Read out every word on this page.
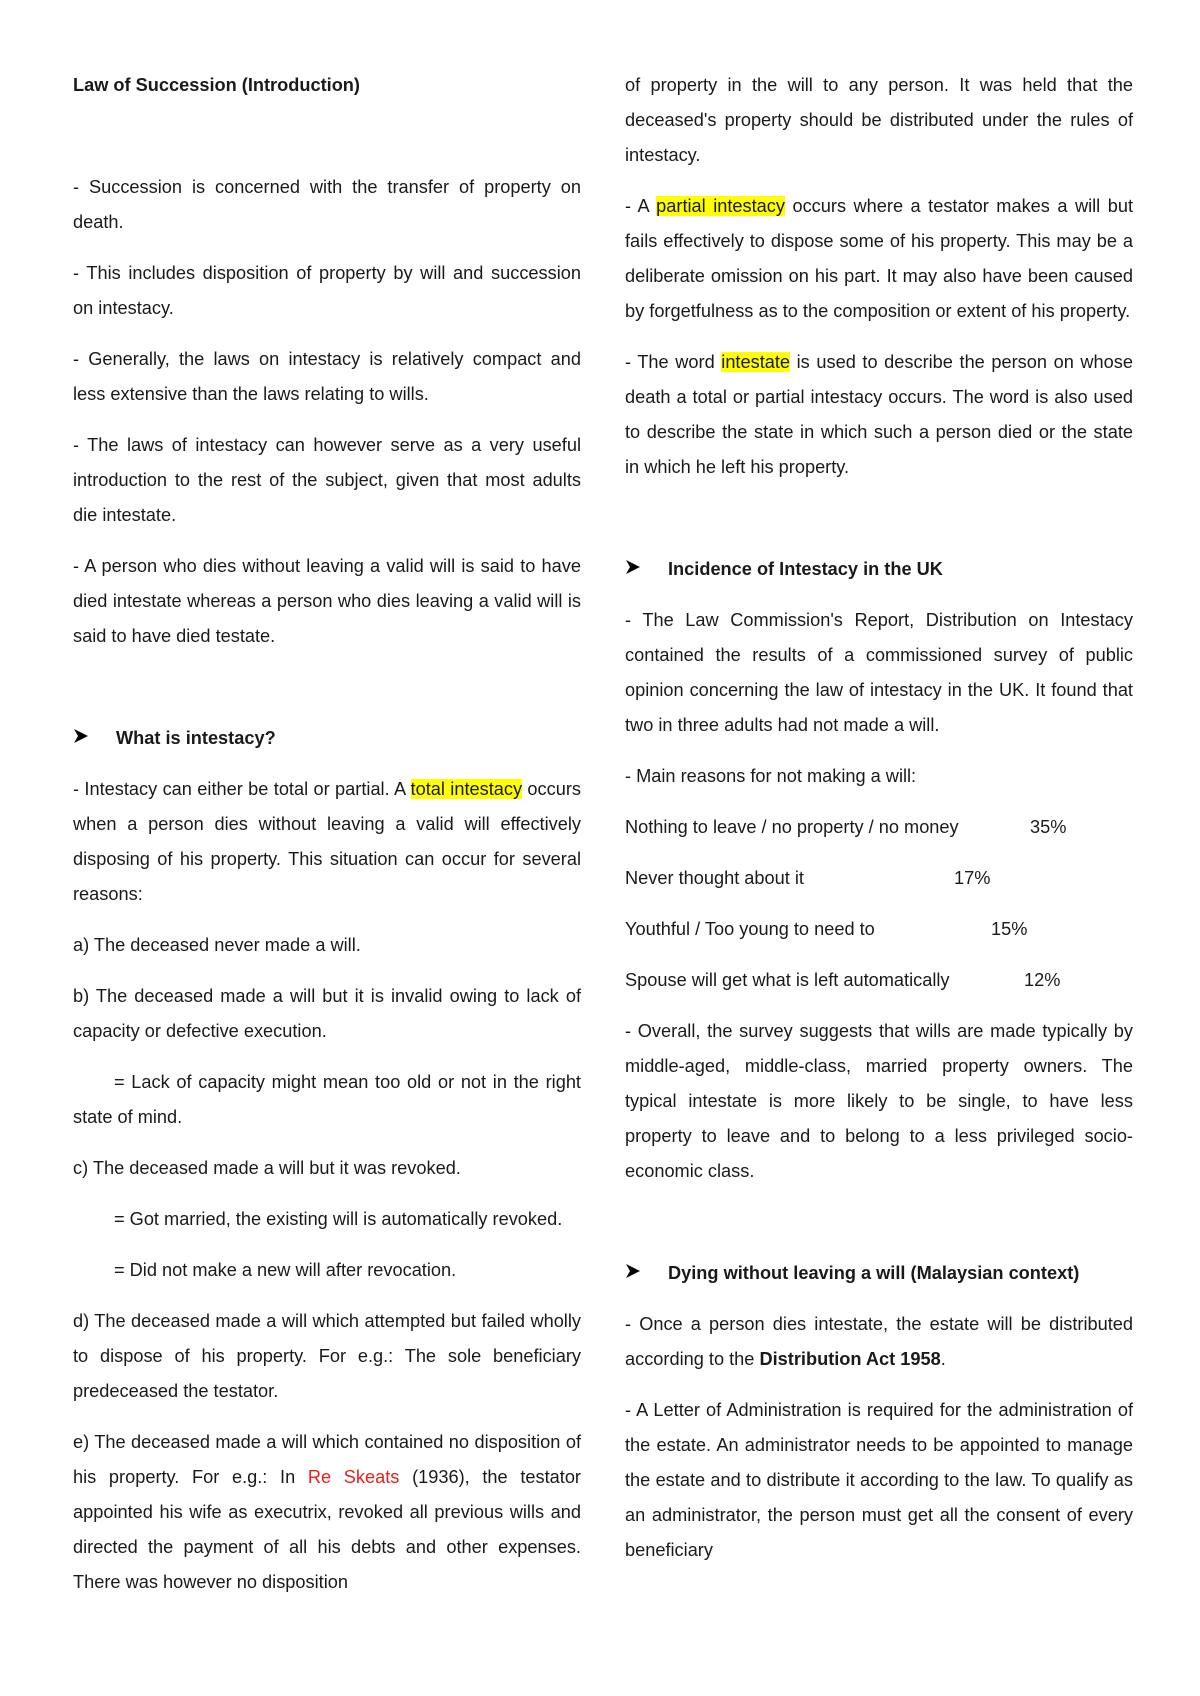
Law of Succession (Introduction)

- Succession is concerned with the transfer of property on death.

- This includes disposition of property by will and succession on intestacy.

- Generally, the laws on intestacy is relatively compact and less extensive than the laws relating to wills.

- The laws of intestacy can however serve as a very useful introduction to the rest of the subject, given that most adults die intestate.

- A person who dies without leaving a valid will is said to have died intestate whereas a person who dies leaving a valid will is said to have died testate.

What is intestacy?

- Intestacy can either be total or partial. A total intestacy occurs when a person dies without leaving a valid will effectively disposing of his property. This situation can occur for several reasons:

a) The deceased never made a will.

b) The deceased made a will but it is invalid owing to lack of capacity or defective execution.

= Lack of capacity might mean too old or not in the right state of mind.

c) The deceased made a will but it was revoked.

= Got married, the existing will is automatically revoked.

= Did not make a new will after revocation.

d) The deceased made a will which attempted but failed wholly to dispose of his property. For e.g.: The sole beneficiary predeceased the testator.

e) The deceased made a will which contained no disposition of his property. For e.g.: In Re Skeats (1936), the testator appointed his wife as executrix, revoked all previous wills and directed the payment of all his debts and other expenses. There was however no disposition

of property in the will to any person. It was held that the deceased's property should be distributed under the rules of intestacy.

- A partial intestacy occurs where a testator makes a will but fails effectively to dispose some of his property. This may be a deliberate omission on his part. It may also have been caused by forgetfulness as to the composition or extent of his property.

- The word intestate is used to describe the person on whose death a total or partial intestacy occurs. The word is also used to describe the state in which such a person died or the state in which he left his property.

Incidence of Intestacy in the UK

- The Law Commission's Report, Distribution on Intestacy contained the results of a commissioned survey of public opinion concerning the law of intestacy in the UK. It found that two in three adults had not made a will.

- Main reasons for not making a will:

Nothing to leave / no property / no money	35%
Never thought about it	17%
Youthful / Too young to need to	15%
Spouse will get what is left automatically	12%

- Overall, the survey suggests that wills are made typically by middle-aged, middle-class, married property owners. The typical intestate is more likely to be single, to have less property to leave and to belong to a less privileged socio-economic class.

Dying without leaving a will (Malaysian context)

- Once a person dies intestate, the estate will be distributed according to the Distribution Act 1958.

- A Letter of Administration is required for the administration of the estate. An administrator needs to be appointed to manage the estate and to distribute it according to the law. To qualify as an administrator, the person must get all the consent of every beneficiary
